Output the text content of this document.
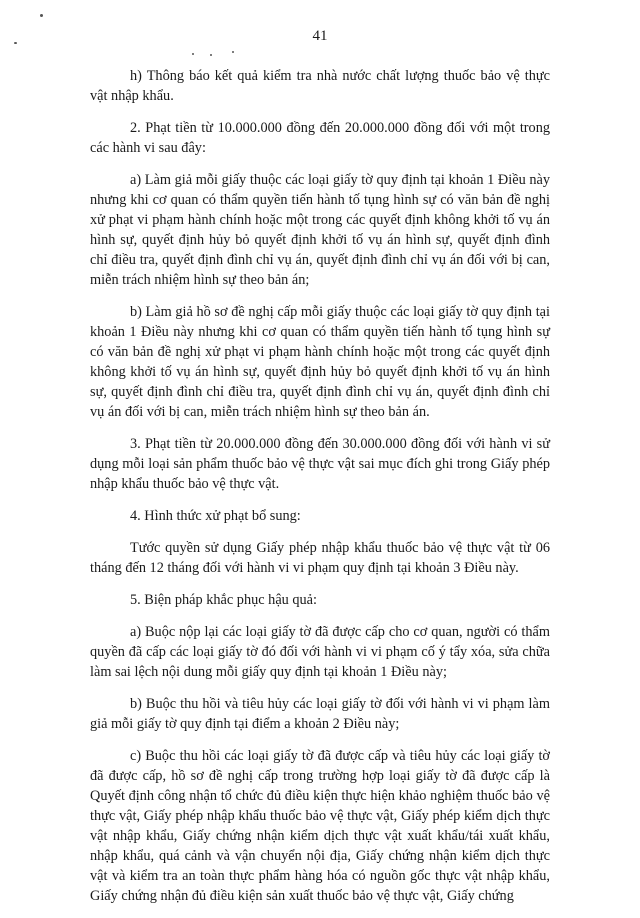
41

h) Thông báo kết quả kiểm tra nhà nước chất lượng thuốc bảo vệ thực vật nhập khẩu.

2. Phạt tiền từ 10.000.000 đồng đến 20.000.000 đồng đối với một trong các hành vi sau đây:

a) Làm giả mỗi giấy thuộc các loại giấy tờ quy định tại khoản 1 Điều này nhưng khi cơ quan có thẩm quyền tiến hành tố tụng hình sự có văn bản đề nghị xử phạt vi phạm hành chính hoặc một trong các quyết định không khởi tố vụ án hình sự, quyết định hủy bỏ quyết định khởi tố vụ án hình sự, quyết định đình chỉ điều tra, quyết định đình chỉ vụ án, quyết định đình chỉ vụ án đối với bị can, miễn trách nhiệm hình sự theo bản án;

b) Làm giả hồ sơ đề nghị cấp mỗi giấy thuộc các loại giấy tờ quy định tại khoản 1 Điều này nhưng khi cơ quan có thẩm quyền tiến hành tố tụng hình sự có văn bản đề nghị xử phạt vi phạm hành chính hoặc một trong các quyết định không khởi tố vụ án hình sự, quyết định hủy bỏ quyết định khởi tố vụ án hình sự, quyết định đình chỉ điều tra, quyết định đình chỉ vụ án, quyết định đình chỉ vụ án đối với bị can, miễn trách nhiệm hình sự theo bản án.

3. Phạt tiền từ 20.000.000 đồng đến 30.000.000 đồng đối với hành vi sử dụng mỗi loại sản phẩm thuốc bảo vệ thực vật sai mục đích ghi trong Giấy phép nhập khẩu thuốc bảo vệ thực vật.

4. Hình thức xử phạt bổ sung:

Tước quyền sử dụng Giấy phép nhập khẩu thuốc bảo vệ thực vật từ 06 tháng đến 12 tháng đối với hành vi vi phạm quy định tại khoản 3 Điều này.

5. Biện pháp khắc phục hậu quả:

a) Buộc nộp lại các loại giấy tờ đã được cấp cho cơ quan, người có thẩm quyền đã cấp các loại giấy tờ đó đối với hành vi vi phạm cố ý tẩy xóa, sửa chữa làm sai lệch nội dung mỗi giấy quy định tại khoản 1 Điều này;

b) Buộc thu hồi và tiêu hủy các loại giấy tờ đối với hành vi vi phạm làm giả mỗi giấy tờ quy định tại điểm a khoản 2 Điều này;

c) Buộc thu hồi các loại giấy tờ đã được cấp và tiêu hủy các loại giấy tờ đã được cấp, hồ sơ đề nghị cấp trong trường hợp loại giấy tờ đã được cấp là Quyết định công nhận tổ chức đủ điều kiện thực hiện khảo nghiệm thuốc bảo vệ thực vật, Giấy phép nhập khẩu thuốc bảo vệ thực vật, Giấy phép kiểm dịch thực vật nhập khẩu, Giấy chứng nhận kiểm dịch thực vật xuất khẩu/tái xuất khẩu, nhập khẩu, quá cảnh và vận chuyển nội địa, Giấy chứng nhận kiểm dịch thực vật và kiểm tra an toàn thực phẩm hàng hóa có nguồn gốc thực vật nhập khẩu, Giấy chứng nhận đủ điều kiện sản xuất thuốc bảo vệ thực vật, Giấy chứng
